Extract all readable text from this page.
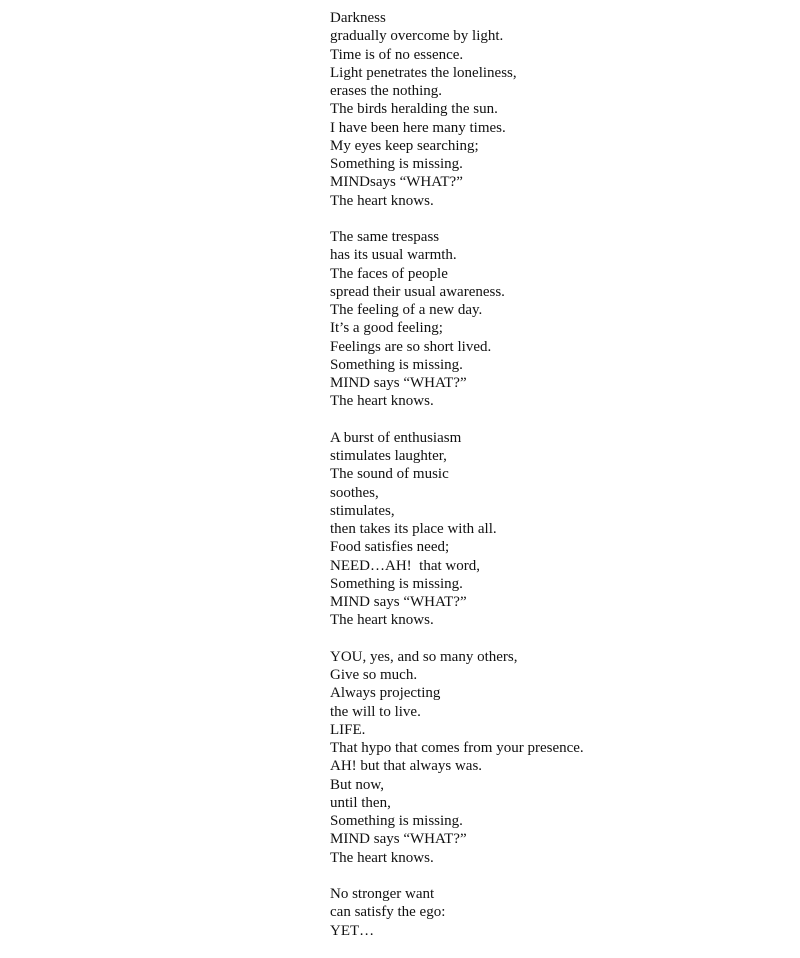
Darkness
gradually overcome by light.
Time is of no essence.
Light penetrates the loneliness,
erases the nothing.
The birds heralding the sun.
I have been here many times.
My eyes keep searching;
Something is missing.
MINDsays “WHAT?”
The heart knows.
The same trespass
has its usual warmth.
The faces of people
spread their usual awareness.
The feeling of a new day.
It’s a good feeling;
Feelings are so short lived.
Something is missing.
MIND says “WHAT?”
The heart knows.
A burst of enthusiasm
stimulates laughter,
The sound of music
soothes,
stimulates,
then takes its place with all.
Food satisfies need;
NEED…AH!  that word,
Something is missing.
MIND says “WHAT?”
The heart knows.
YOU, yes, and so many others,
Give so much.
Always projecting
the will to live.
LIFE.
That hypo that comes from your presence.
AH! but that always was.
But now,
until then,
Something is missing.
MIND says “WHAT?”
The heart knows.
No stronger want
can satisfy the ego:
YET…
